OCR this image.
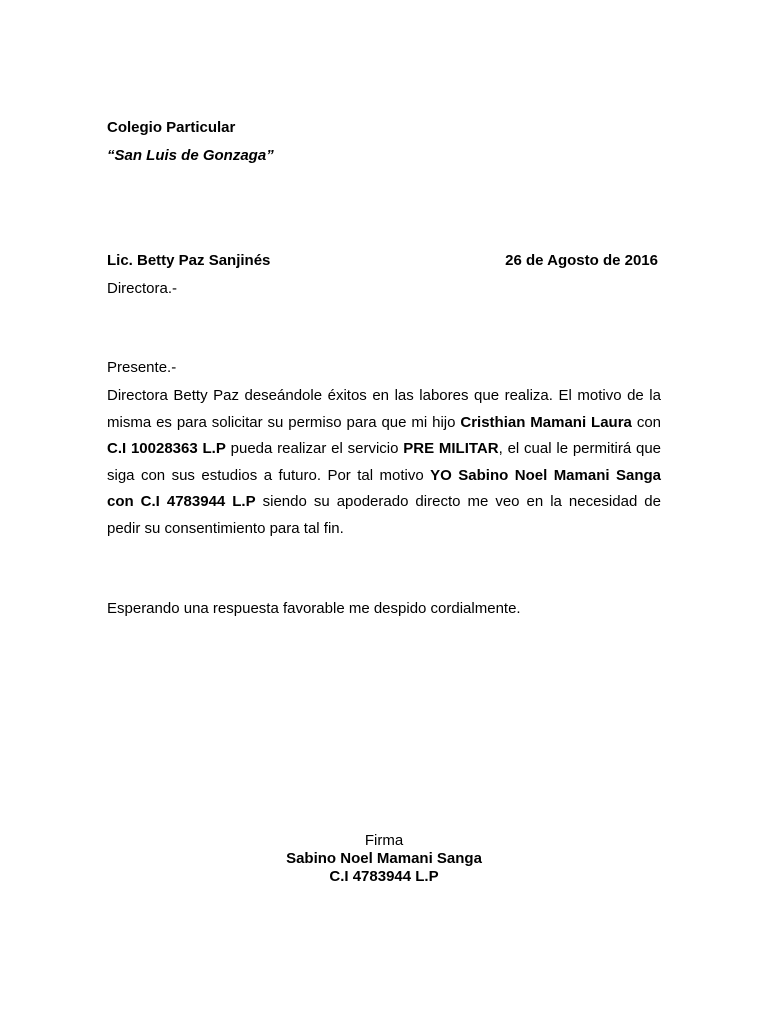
Colegio Particular
“San Luis de Gonzaga”
Lic. Betty Paz Sanjinés	26 de Agosto de 2016
Directora.-
Presente.-
Directora Betty Paz deseándole éxitos en las labores que realiza. El motivo de la
misma es para solicitar su permiso para que mi hijo Cristhian Mamani Laura con
C.I 10028363 L.P pueda realizar el servicio PRE MILITAR, el cual le permitirá que
siga con sus estudios a futuro. Por tal motivo YO Sabino Noel Mamani Sanga
con C.I 4783944 L.P siendo su apoderado directo me veo en la necesidad de
pedir su consentimiento para tal fin.
Esperando una respuesta favorable me despido cordialmente.
Firma
Sabino Noel Mamani Sanga
C.I 4783944 L.P
